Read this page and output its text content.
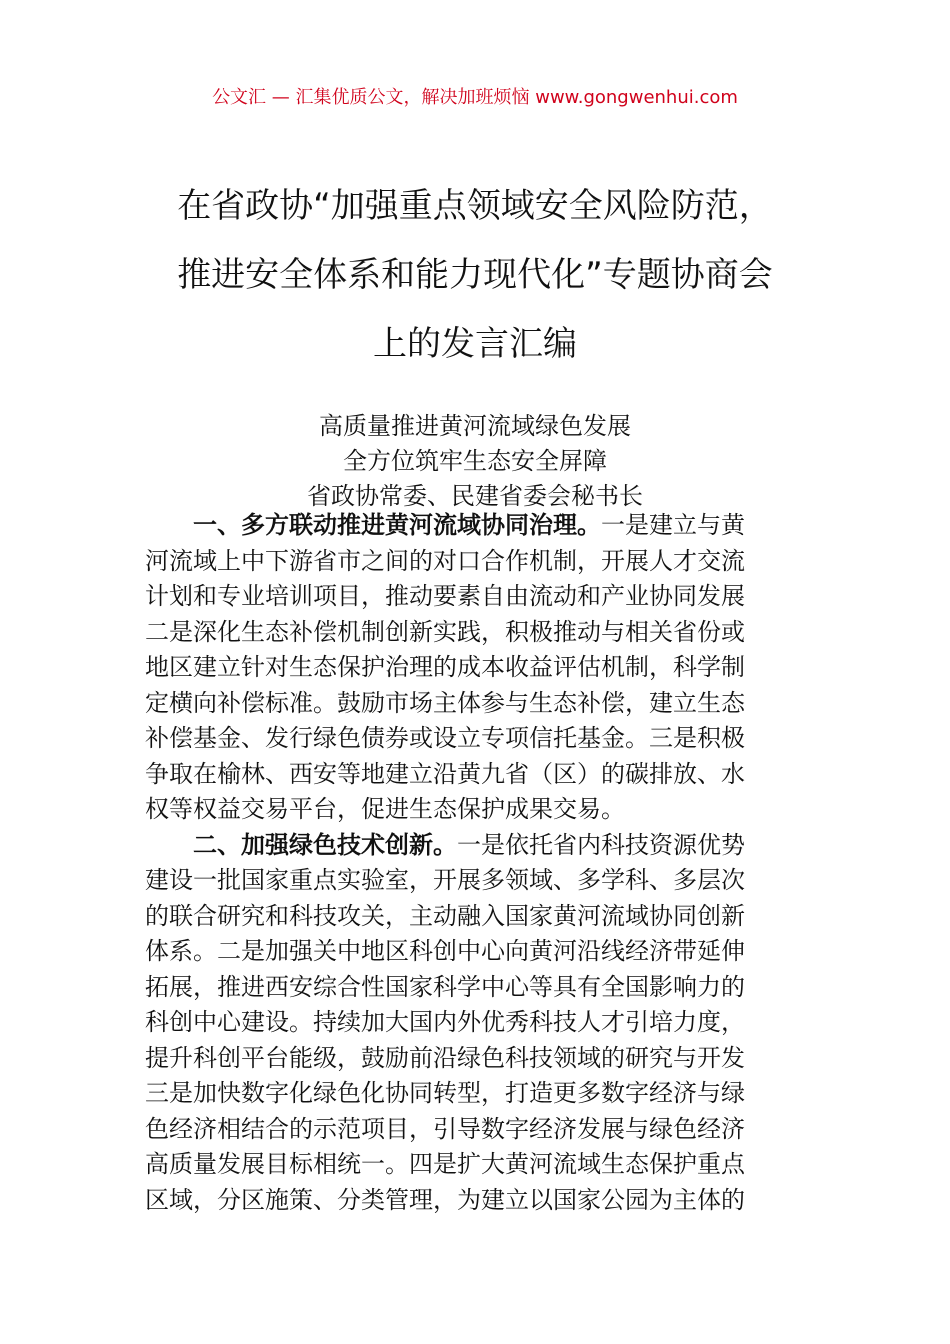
公文汇 — 汇集优质公文，解决加班烦恼 www.gongwenhui.com
在省政协“加强重点领域安全风险防范，
推进安全体系和能力现代化”专题协商会
上的发言汇编
高质量推进黄河流域绿色发展
全方位筑牢生态安全屏障
省政协常委、民建省委会秘书长
一、多方联动推进黄河流域协同治理。一是建立与黄
河流域上中下游省市之间的对口合作机制，开展人才交流
计划和专业培训项目，推动要素自由流动和产业协同发展
二是深化生态补偿机制创新实践，积极推动与相关省份或
地区建立针对生态保护治理的成本收益评估机制，科学制
定横向补偿标准。鼓励市场主体参与生态补偿，建立生态
补偿基金、发行绿色债券或设立专项信托基金。三是积极
争取在榆林、西安等地建立沿黄九省（区）的碳排放、水
权等权益交易平台，促进生态保护成果交易。
二、加强绿色技术创新。一是依托省内科技资源优势
建设一批国家重点实验室，开展多领域、多学科、多层次
的联合研究和科技攻关，主动融入国家黄河流域协同创新
体系。二是加强关中地区科创中心向黄河沿线经济带延伸
拓展，推进西安综合性国家科学中心等具有全国影响力的
科创中心建设。持续加大国内外优秀科技人才引培力度，
提升科创平台能级，鼓励前沿绿色科技领域的研究与开发
三是加快数字化绿色化协同转型，打造更多数字经济与绿
色经济相结合的示范项目，引导数字经济发展与绿色经济
高质量发展目标相统一。四是扩大黄河流域生态保护重点
区域，分区施策、分类管理，为建立以国家公园为主体的
